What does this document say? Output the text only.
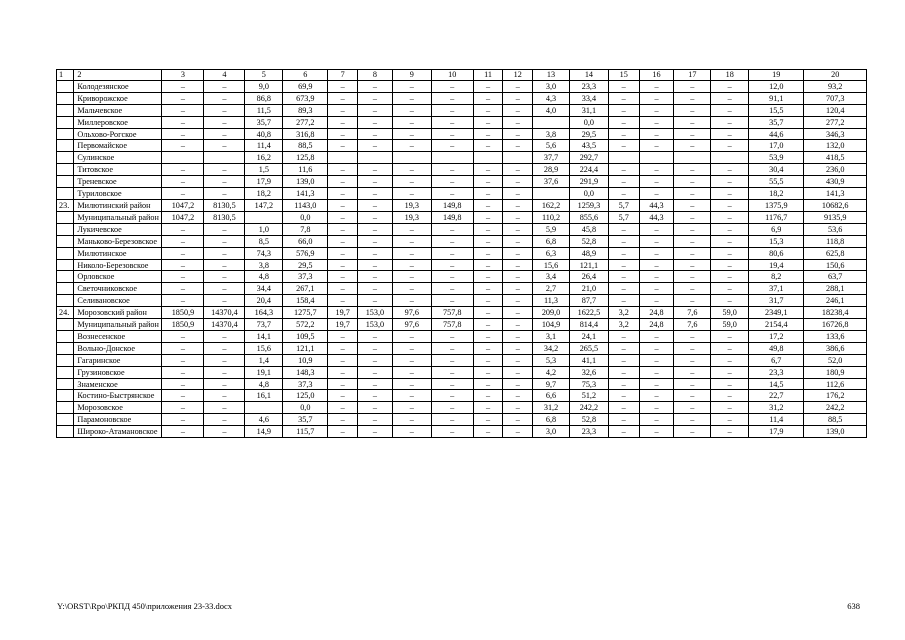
1	2	3	4	5	6	7	8	9	10	11	12	13	14	15	16	17	18	19	20
	Колодезянское	–	–	9,0	69,9	–	–	–	–	–	–	3,0	23,3	–	–	–	–	12,0	93,2
	Криворожское	–	–	86,8	673,9	–	–	–	–	–	–	4,3	33,4	–	–	–	–	91,1	707,3
	Мальчевское	–	–	11,5	89,3	–	–	–	–	–	–	4,0	31,1	–	–	–	–	15,5	120,4
	Миллеровское	–	–	35,7	277,2	–	–	–	–	–	–		0,0	–	–	–	–	35,7	277,2
	Ольхово-Рогское	–	–	40,8	316,8	–	–	–	–	–	–	3,8	29,5	–	–	–	–	44,6	346,3
	Первомайское	–	–	11,4	88,5	–	–	–	–	–	–	5,6	43,5	–	–	–	–	17,0	132,0
	Сулинское			16,2	125,8							37,7	292,7					53,9	418,5
	Титовское	–	–	1,5	11,6	–	–	–	–	–	–	28,9	224,4	–	–	–	–	30,4	236,0
	Треневское	–	–	17,9	139,0	–	–	–	–	–	–	37,6	291,9	–	–	–	–	55,5	430,9
	Туриловское	–	–	18,2	141,3	–	–	–	–	–	–		0,0	–	–	–	–	18,2	141,3
23.	Милютинский район	1047,2	8130,5	147,2	1143,0	–	–	19,3	149,8	–	–	162,2	1259,3	5,7	44,3	–	–	1375,9	10682,6
	Муниципальный район	1047,2	8130,5		0,0	–	–	19,3	149,8	–	–	110,2	855,6	5,7	44,3	–	–	1176,7	9135,9
	Лукичевское	–	–	1,0	7,8	–	–	–	–	–	–	5,9	45,8	–	–	–	–	6,9	53,6
	Маньково-Березовское	–	–	8,5	66,0	–	–	–	–	–	–	6,8	52,8	–	–	–	–	15,3	118,8
	Милютинское	–	–	74,3	576,9	–	–	–	–	–	–	6,3	48,9	–	–	–	–	80,6	625,8
	Николо-Березовское	–	–	3,8	29,5	–	–	–	–	–	–	15,6	121,1	–	–	–	–	19,4	150,6
	Орловское	–	–	4,8	37,3	–	–	–	–	–	–	3,4	26,4	–	–	–	–	8,2	63,7
	Светочниковское	–	–	34,4	267,1	–	–	–	–	–	–	2,7	21,0	–	–	–	–	37,1	288,1
	Селивановское	–	–	20,4	158,4	–	–	–	–	–	–	11,3	87,7	–	–	–	–	31,7	246,1
24.	Морозовский район	1850,9	14370,4	164,3	1275,7	19,7	153,0	97,6	757,8	–	–	209,0	1622,5	3,2	24,8	7,6	59,0	2349,1	18238,4
	Муниципальный район	1850,9	14370,4	73,7	572,2	19,7	153,0	97,6	757,8	–	–	104,9	814,4	3,2	24,8	7,6	59,0	2154,4	16726,8
	Вознесенское	–	–	14,1	109,5	–	–	–	–	–	–	3,1	24,1	–	–	–	–	17,2	133,6
	Вольно-Донское	–	–	15,6	121,1	–	–	–	–	–	–	34,2	265,5	–	–	–	–	49,8	386,6
	Гагаринское	–	–	1,4	10,9	–	–	–	–	–	–	5,3	41,1	–	–	–	–	6,7	52,0
	Грузиновское	–	–	19,1	148,3	–	–	–	–	–	–	4,2	32,6	–	–	–	–	23,3	180,9
	Знаменское	–	–	4,8	37,3	–	–	–	–	–	–	9,7	75,3	–	–	–	–	14,5	112,6
	Костино-Быстрянское	–	–	16,1	125,0	–	–	–	–	–	–	6,6	51,2	–	–	–	–	22,7	176,2
	Морозовское	–	–		0,0	–	–	–	–	–	–	31,2	242,2	–	–	–	–	31,2	242,2
	Парамоновское	–	–	4,6	35,7	–	–	–	–	–	–	6,8	52,8	–	–	–	–	11,4	88,5
	Широко-Атамановское	–	–	14,9	115,7	–	–	–	–	–	–	3,0	23,3	–	–	–	–	17,9	139,0
Y:\ORST\Rpo\РКПД 450\приложения 23-33.docx	638
